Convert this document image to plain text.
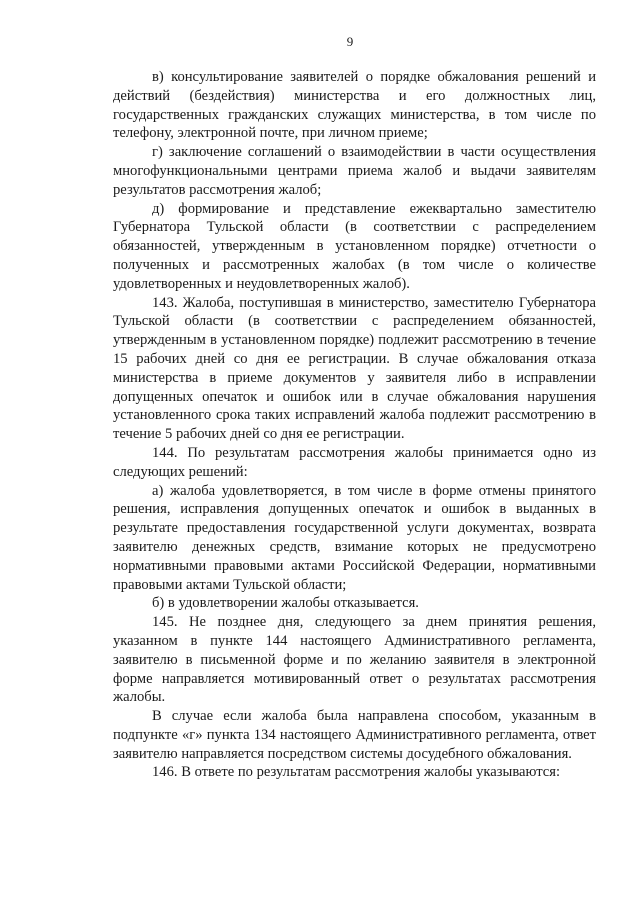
9

в) консультирование заявителей о порядке обжалования решений и действий (бездействия) министерства и его должностных лиц, государственных гражданских служащих министерства, в том числе по телефону, электронной почте, при личном приеме;

г) заключение соглашений о взаимодействии в части осуществления многофункциональными центрами приема жалоб и выдачи заявителям результатов рассмотрения жалоб;

д) формирование и представление ежеквартально заместителю Губернатора Тульской области (в соответствии с распределением обязанностей, утвержденным в установленном порядке) отчетности о полученных и рассмотренных жалобах (в том числе о количестве удовлетворенных и неудовлетворенных жалоб).

143. Жалоба, поступившая в министерство, заместителю Губернатора Тульской области (в соответствии с распределением обязанностей, утвержденным в установленном порядке) подлежит рассмотрению в течение 15 рабочих дней со дня ее регистрации. В случае обжалования отказа министерства в приеме документов у заявителя либо в исправлении допущенных опечаток и ошибок или в случае обжалования нарушения установленного срока таких исправлений жалоба подлежит рассмотрению в течение 5 рабочих дней со дня ее регистрации.

144. По результатам рассмотрения жалобы принимается одно из следующих решений:

а) жалоба удовлетворяется, в том числе в форме отмены принятого решения, исправления допущенных опечаток и ошибок в выданных в результате предоставления государственной услуги документах, возврата заявителю денежных средств, взимание которых не предусмотрено нормативными правовыми актами Российской Федерации, нормативными правовыми актами Тульской области;

б) в удовлетворении жалобы отказывается.

145. Не позднее дня, следующего за днем принятия решения, указанном в пункте 144 настоящего Административного регламента, заявителю в письменной форме и по желанию заявителя в электронной форме направляется мотивированный ответ о результатах рассмотрения жалобы.

В случае если жалоба была направлена способом, указанным в подпункте «г» пункта 134 настоящего Административного регламента, ответ заявителю направляется посредством системы досудебного обжалования.

146. В ответе по результатам рассмотрения жалобы указываются:
